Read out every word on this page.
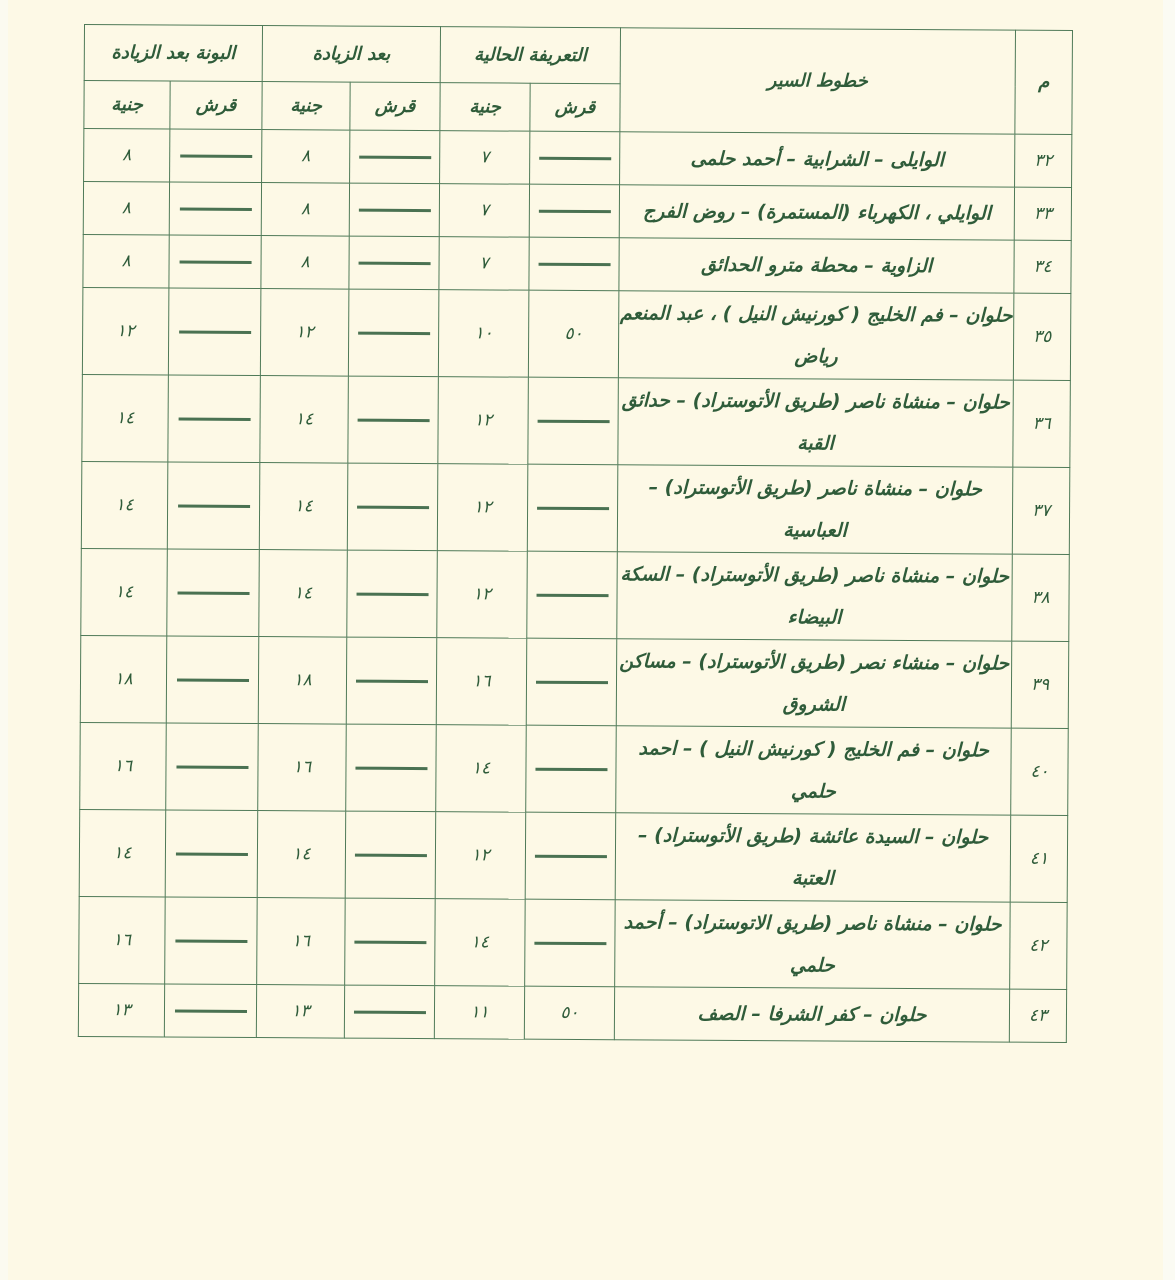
م	خطوط السير	التعريفة الحالية		بعد الزيادة		البونة بعد الزيادة	
		قرش	جنية	قرش	جنية	قرش	جنية
٣٢	الوايلى – الشرابية – أحمد حلمى		٧		٨		٨
٣٣	الوايلي ، الكهرباء (المستمرة) – روض الفرج		٧		٨		٨
٣٤	الزاوية – محطة مترو الحدائق		٧		٨		٨
٣٥	حلوان – فم الخليج ( كورنيش النيل ) ، عبد المنعم رياض	٥٠	١٠		١٢		١٢
٣٦	حلوان – منشاة ناصر (طريق الأتوستراد) – حدائق القبة		١٢		١٤		١٤
٣٧	حلوان – منشاة ناصر (طريق الأتوستراد) – العباسية		١٢		١٤		١٤
٣٨	حلوان – منشاة ناصر (طريق الأتوستراد) – السكة البيضاء		١٢		١٤		١٤
٣٩	حلوان – منشاء نصر (طريق الأتوستراد) – مساكن الشروق		١٦		١٨		١٨
٤٠	حلوان – فم الخليج ( كورنيش النيل ) – احمد حلمي		١٤		١٦		١٦
٤١	حلوان – السيدة عائشة (طريق الأتوستراد) – العتبة		١٢		١٤		١٤
٤٢	حلوان – منشاة ناصر (طريق الاتوستراد) – أحمد حلمي		١٤		١٦		١٦
٤٣	حلوان – كفر الشرفا – الصف	٥٠	١١		١٣		١٣
